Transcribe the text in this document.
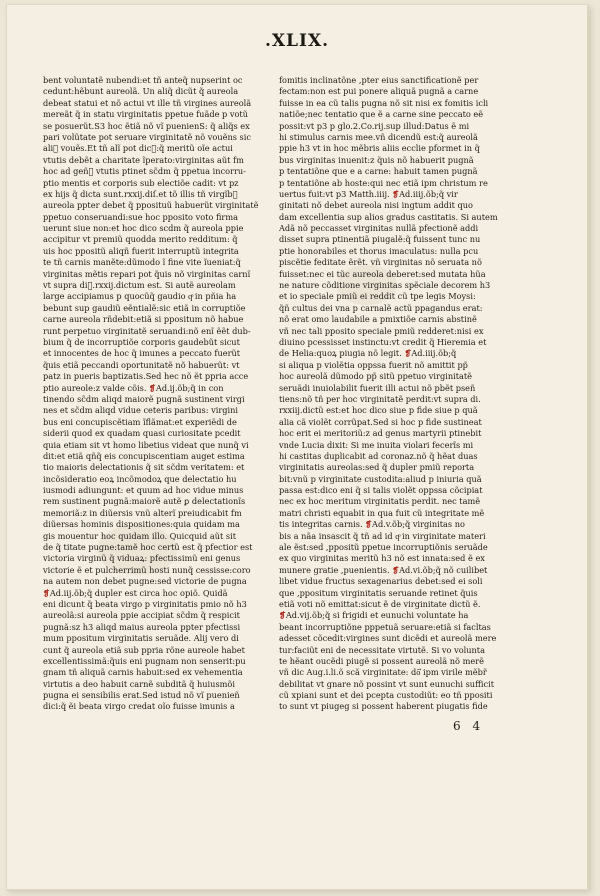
.XLIX.
bent voluntatẽ nubendi:et tñ anteq̃ nupserint oc
cedunt:hẽbunt aureolã. Un aliq̃ dicũt q̃ aureola
debeat statui et nõ actui vt ille tñ virgines aureolã
mereãt q̃ in statu virginitatis ppetue fuãde p votũ
se posuerũt.S3 hoc ẽtiã nõ vĩ puenienS: q̃ aliq̃s ex
pari volũtate pot seruare virginitatẽ nõ vouẽns sic
ali᷑ vouẽs.Et tñ alĩ pot dic᷑:q̃ meritũ oĩe actui
vtutis debẽt a charitate ĩperato:virginitas aũt fm
hoc ad geñ᷑ vtutis ptinet sc̃dm q̃ ppetua incorru‑
ptio mentis et corporis sub electiõe cadit: vt pz
ex hijs q̃ dicta sunt.rxxij.diſ.et tõ illis tñ virgĩb᷑
aureola ppter debet q̃ pposituũ habuerũt virginitatẽ
ppetuo conseruandi:sue hoc pposito voto firma
uerunt siue non:et hoc dico scdm q̃ aureola ppie
accipitur vt premiũ quodda merito redditum: q̃
uis hoc ppositũ aliqñ fuerit interruptũ integrita
te tñ carnis manẽte:dũmodo ĩ fine vite ĩueniat:q̃
virginitas mẽtis repari pot q̃uis nõ virginitas carnĩ
vt supra diᷓ.rxxij.dictum est. Si autẽ aureolam
large accipiamus p quocũq̃ gaudio qͦ in pñia ha
bebunt sup gaudiũ eẽntialẽ:sic etiã in corruptiõe
carne aureola rñdebit:etiã si ppositum nõ habue
runt perpetuo virginitatẽ seruandi:nõ enĩ ẽẽt dub‑
bium q̃ de incorruptiõe corporis gaudebũt sicut
et innocentes de hoc q̃ imunes a peccato fuerũt
q̃uis etiã peccandi oportunitatẽ nõ habuerũt: vt
patz in pueris baptizatis.Sed hec nõ ẽt ppria acce
ptio aureole:z valde cõis. ❡Ad.ij.õb;q̃ in con
tinendo sc̃dm aliqd maiorẽ pugnã sustinent virgi
nes et sc̃dm aliqd vidue ceteris paribus: virgini
bus eni concupiscẽtiam ĩflãmat:et experiẽdi de
siderii quod ex quadam quasi curiositate pcedit
quia etiam sit vt homo libetius videat que nunq̃ vi
dit:et etiã qñq̃ eis concupiscentiam auget estima
tio maioris delectationis q̃ sit sc̃dm veritatem: et
incõsideratio eoꝝ incõmodoꝝ que delectatio hu
iusmodi adiungunt: et quum ad hoc vidue minus
rem sustinent pugnã:maiorẽ autẽ ꝑ delectationĩs
memoriã:z in diũersis vnũ alterĩ preiudicabit fm
diũersas hominis dispositiones:quia quidam ma
gis mouentur hoc quidam illo. Quicquid aũt sit
de q̃ titate pugne:tamẽ hoc certũ est q̃ pfectior est
victoria virginũ q̃ viduaꝝ: pfectissimũ eni genus
victorie ẽ et pulcherrimũ hosti nunq̃ cessisse:coro
na autem non debet pugne:sed victorie de pugna
❡Ad.iij.õb;q̃ dupler est circa hoc opiõ. Quidã
eni dicunt q̃ beata virgo p virginitatis pmio nõ h3
aureolã:si aureola ppie accipiat sc̃dm q̃ respicit
pugnã:sz h3 aliqd maius aureola ppter pfectissi
mum ppositum virginitatis seruãde. Alij vero di
cunt q̃ aureola etiã sub ppria rõne aureole habet
excellentissimã:q̃uis eni pugnam non senserit:pu
gnam tñ aliquã carnis habuit:sed ex vehementia
virtutis a deo habuit carnẽ subditã q̃ huiusmõi
pugna ei sensibilis erat.Sed istud nõ vĩ puenieñ
dici:q̃ ẽi beata virgo credat oĩo fuisse imunis a
fomitis inclinatõne ,pter eius sanctificationẽ per
fectam:non est pui ponere aliquã pugnã a carne
fuisse in ea cũ talis pugna nõ sit nisi ex fomitis icli
natiõe;nec tentatio que ẽ a carne sine peccato eẽ
possit:vt p3 p glo.2.Co.rij.sup illud:Datus ẽ mi
hi stimulus carnis mee.vñ dicendũ est:q̃ aureolã
ppie h3 vt in hoc mẽbris aliis ecclie pformet in q̃
bus virginitas inuenit:z q̃uis nõ habuerit pugnã
p tentatiõne que e a carne: habuit tamen pugnã
p tentatiõne ab hoste:qui nec etiã ipm christum re
uertus fuit:vt p3 Matth.iiij. ❡Ad.iiij.õb;q̃ vir
ginitati nõ debet aureola nisi ingtum addit quo
dam excellentia sup alios gradus castitatis. Si autem
Adã nõ peccasset virginitas nullã pfectionẽ addi
disset supra ptinentiã piugalẽ:q̃ fuissent tunc nu
ptie honorabiles et thorus imaculatus: nulla pcu
piscẽtie feditate ẽrẽt. vñ virginitas nõ seruata nõ
fuisset:nec ei tũc aureola deberet:sed mutata hũa
ne nature cõditione virginitas spẽciale decorem h3
et io speciale pmiũ ei reddit cũ tpe legis Moysi:
q̃ñ cultus dei vna p carnalẽ actũ ppagandus erat:
nõ erat omo laudabile a pmixtiõe carnis abstinẽ
vñ nec tali pposito speciale pmiũ redderet:nisi ex
diuino pcessisset instinctu:vt credit q̃ Hieremia et
de Helia:quoꝝ piugia nõ legit. ❡Ad.iiij.õb;q̃
si aliqua p violẽtia oppssa fuerit nõ amittit pp̃
hoc aureolã dũmodo pp̃ sitũ ppetuo virginitatẽ
seruãdi inuiolabilit fuerit illi actui nõ pbẽt pseñ
tiens:nõ tñ per hoc virginitatẽ perdit:vt supra di.
rxxiij.dictũ est:et hoc dico siue p fide siue p quã
alia cã violẽt corrũpat.Sed si hoc p fide sustineat
hoc erit ei meritoriũ:z ad genus martyrii ptinebit
vnde Lucia dixit: Si me inuita violari fecerĩs mi
hi castitas duplicabit ad coronaz.nõ q̃ hẽat duas
virginitatis aureolas:sed q̃ dupler pmiũ reporta
bit:vnũ p virginitate custodita:aliud p iniuria quã
passa est:dico eni q̃ si talis violẽt oppssa cõcipiat
nec ex hoc meritum virginitatis perdit. nec tamẽ
matri christi equabit in qua fuit cũ integritate mẽ
tis integritas carnis. ❡Ad.v.õb;q̃ virginitas no
bis a nãa insascit q̃ tñ ad id qͦ in virginitate materi
ale ẽst:sed ,ppositũ ppetue incorruptiõnis seruãde
ex quo virginitas meritũ h3 nõ est innata:sed ẽ ex
munere gratie ,puenientis. ❡Ad.vi.õb;q̃ nõ cuilibet
libet vidue fructus sexagenarius debet:sed ei soli
que ,ppositum virginitatis seruande retinet q̃uis
etiã voti nõ emittat:sicut ẽ de virginitate dictũ ẽ.
❡Ad.vij.õb;q̃ si frigidi et eunuchi voluntate ha
beant incorruptiõne pppetuã seruare:etiã si facltas
adesset cõcedit:virgines sunt dicẽdi et aureolã mere
tur:faciũt eni de necessitate virtutẽ. Si vo volunta
te hẽant oucẽdi piugẽ si possent aureolã nõ merẽ
vñ dic Aug.i.li.õ scã virginitate: dõ͛ ipm virile mẽbr̃
debilitat vt gnare nõ possint vt sunt eunuchi sufficit
cũ xpiani sunt et dei pcepta custodiũt: eo tñ ppositi
to sunt vt piugeg si possent haberent piugatis fide
6 4
